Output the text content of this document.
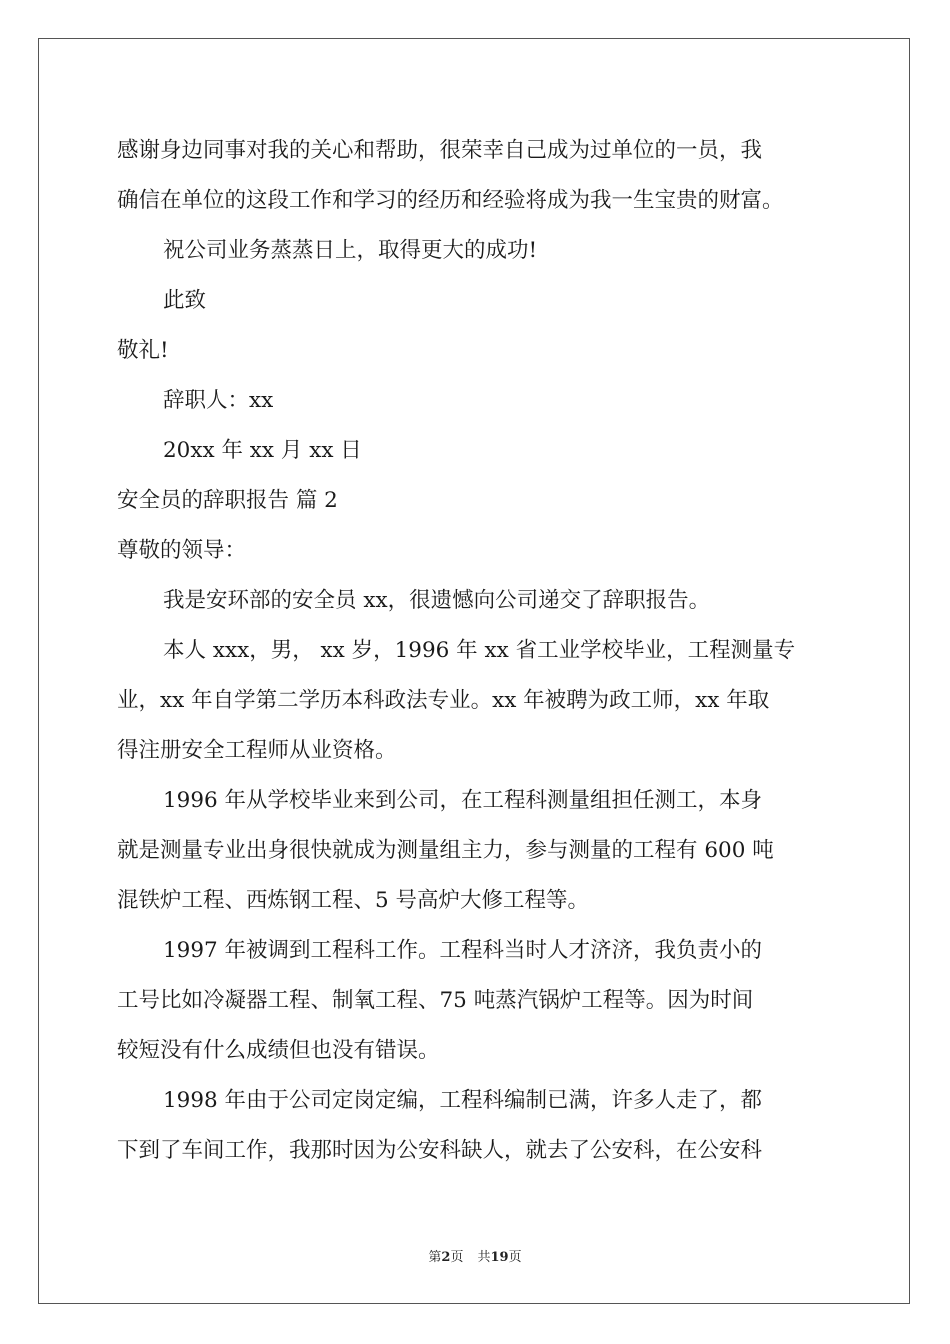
感谢身边同事对我的关心和帮助，很荣幸自己成为过单位的一员，我
确信在单位的这段工作和学习的经历和经验将成为我一生宝贵的财富。
祝公司业务蒸蒸日上，取得更大的成功!
此致
敬礼!
辞职人：xx
20xx 年 xx 月 xx 日
安全员的辞职报告 篇 2
尊敬的领导：
我是安环部的安全员 xx，很遗憾向公司递交了辞职报告。
本人 xxx，男， xx 岁，1996 年 xx 省工业学校毕业，工程测量专
业，xx 年自学第二学历本科政法专业。xx 年被聘为政工师，xx 年取
得注册安全工程师从业资格。
1996 年从学校毕业来到公司，在工程科测量组担任测工，本身
就是测量专业出身很快就成为测量组主力，参与测量的工程有 600 吨
混铁炉工程、西炼钢工程、5 号高炉大修工程等。
1997 年被调到工程科工作。工程科当时人才济济，我负责小的
工号比如冷凝器工程、制氧工程、75 吨蒸汽锅炉工程等。因为时间
较短没有什么成绩但也没有错误。
1998 年由于公司定岗定编，工程科编制已满，许多人走了，都
下到了车间工作，我那时因为公安科缺人，就去了公安科，在公安科
第2页 共19页
